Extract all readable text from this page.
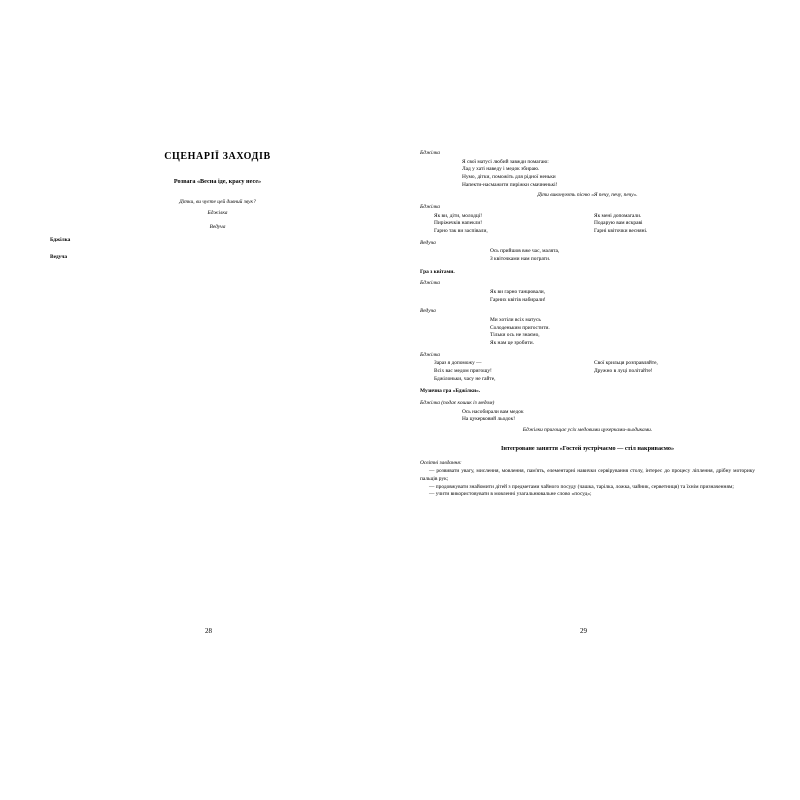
СЦЕНАРІЇ ЗАХОДІВ
Розвага «Весна іде, красу несе»

Дітки, ви чуєте цей дивний звук?

Бджілка
Ведуча
Бджілка
Ведуча
Бджілка
Я свої матусі любий завжди помагаю:
Лад у хаті наведу і медок збираю.
Нумо, дітки, поможіть для рідної неньки
Напекти-насмажити пиріжки смачненькі!
Діти виконують пісню «Я печу, печу, печу».
Бджілка
Як ви, діти, молодці!
Пиріжечків напекли!
Гарно так ви заспівали,
Як мені допомагали.
Подарую вам яскраві
Гарні квіточки весняні.
Ведуча
Ось прийшов вже час, малята,
З квіточками нам пограти.
Гра з квітами.
Бджілка
Як ви гарно танцювали,
Гарних квітів набирали!
Ведуча
Ми хотіли всіх матусь
Солоденьким пригостити.
Тільки ось не знаємо,
Як нам це зробити.
Бджілка
Зараз я допоможу —
Всіх вас медом пригощу!
Бджілоньки, часу не гайте,
Свої крильця розправляйте,
Дружно в луці політайте!
Музична гра «Бджілки».
Бджілка (подає кошик із медом)
Ось насобирали вам медок
На цукерковий льодок!
Бджілки пригощає усіх медовими цукерками-льодиками.
Інтегроване заняття «Гостей зустрічаємо — стіл накриваємо»
Освітні завдання:

— розвивати увагу, мислення, мовлення, пам'ять, елементарні навички сервірування столу, інтерес до процесу ліплення, дрібну моторику пальців рук;

— продовжувати знайомити дітей з предметами чайного посуду (чашка, тарілка, ложка, чайник, серветниця) та їхнім призначенням;

— учити використовувати в мовленні узагальнювальне слово «посуд»;

28	29
